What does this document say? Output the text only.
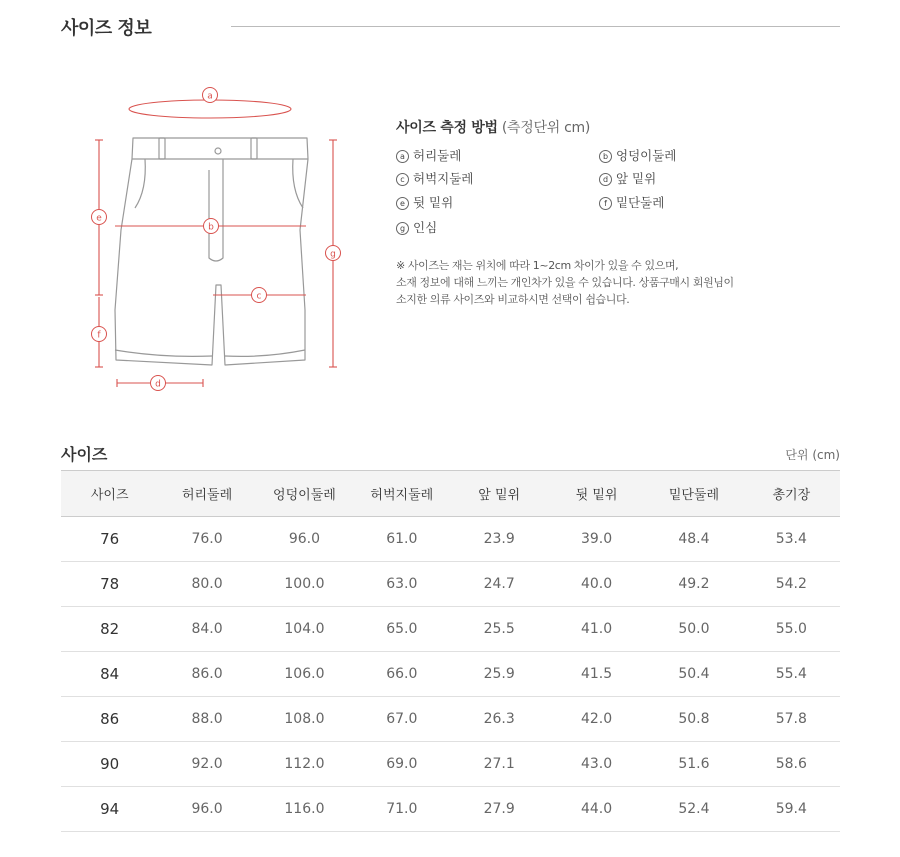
사이즈 정보
a
b
c
d
e
f
g
사이즈 측정 방법 (측정단위 cm)
a 허리둘레	b 엉덩이둘레
c 허벅지둘레	d 앞 밑위
e 뒷 밑위	f 밑단둘레
g 인심
※ 사이즈는 재는 위치에 따라 1~2cm 차이가 있을 수 있으며,
소재 정보에 대해 느끼는 개인차가 있을 수 있습니다. 상품구매시 회원님이
소지한 의류 사이즈와 비교하시면 선택이 쉽습니다.
사이즈	단위 (cm)
사이즈	허리둘레	엉덩이둘레	허벅지둘레	앞 밑위	뒷 밑위	밑단둘레	총기장
76	76.0	96.0	61.0	23.9	39.0	48.4	53.4
78	80.0	100.0	63.0	24.7	40.0	49.2	54.2
82	84.0	104.0	65.0	25.5	41.0	50.0	55.0
84	86.0	106.0	66.0	25.9	41.5	50.4	55.4
86	88.0	108.0	67.0	26.3	42.0	50.8	57.8
90	92.0	112.0	69.0	27.1	43.0	51.6	58.6
94	96.0	116.0	71.0	27.9	44.0	52.4	59.4
